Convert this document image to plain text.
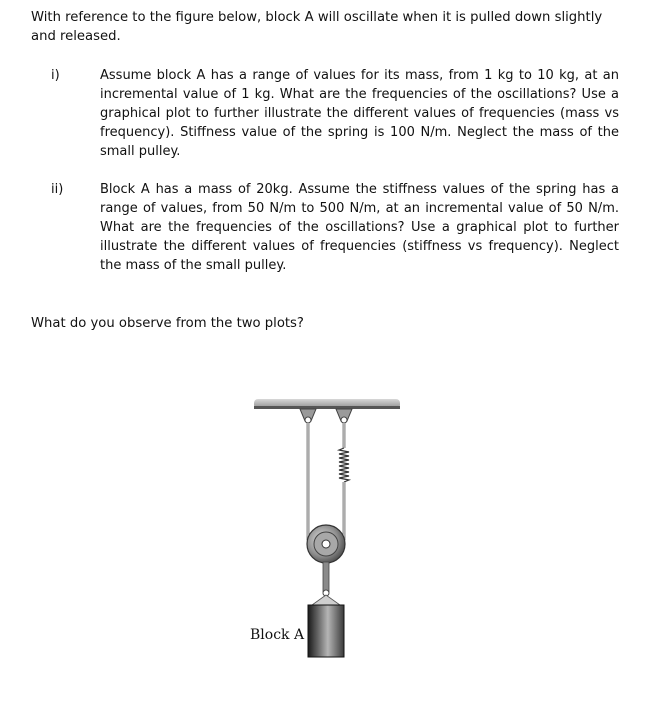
With reference to the figure below, block A will oscillate when it is pulled down slightly and released.

i)	Assume block A has a range of values for its mass, from 1 kg to 10 kg, at an incremental value of 1 kg. What are the frequencies of the oscillations? Use a graphical plot to further illustrate the different values of frequencies (mass vs frequency). Stiffness value of the spring is 100 N/m. Neglect the mass of the small pulley.

ii)	Block A has a mass of 20kg. Assume the stiffness values of the spring has a range of values, from 50 N/m to 500 N/m, at an incremental value of 50 N/m. What are the frequencies of the oscillations? Use a graphical plot to further illustrate the different values of frequencies (stiffness vs frequency). Neglect the mass of the small pulley.

What do you observe from the two plots?

Block A
